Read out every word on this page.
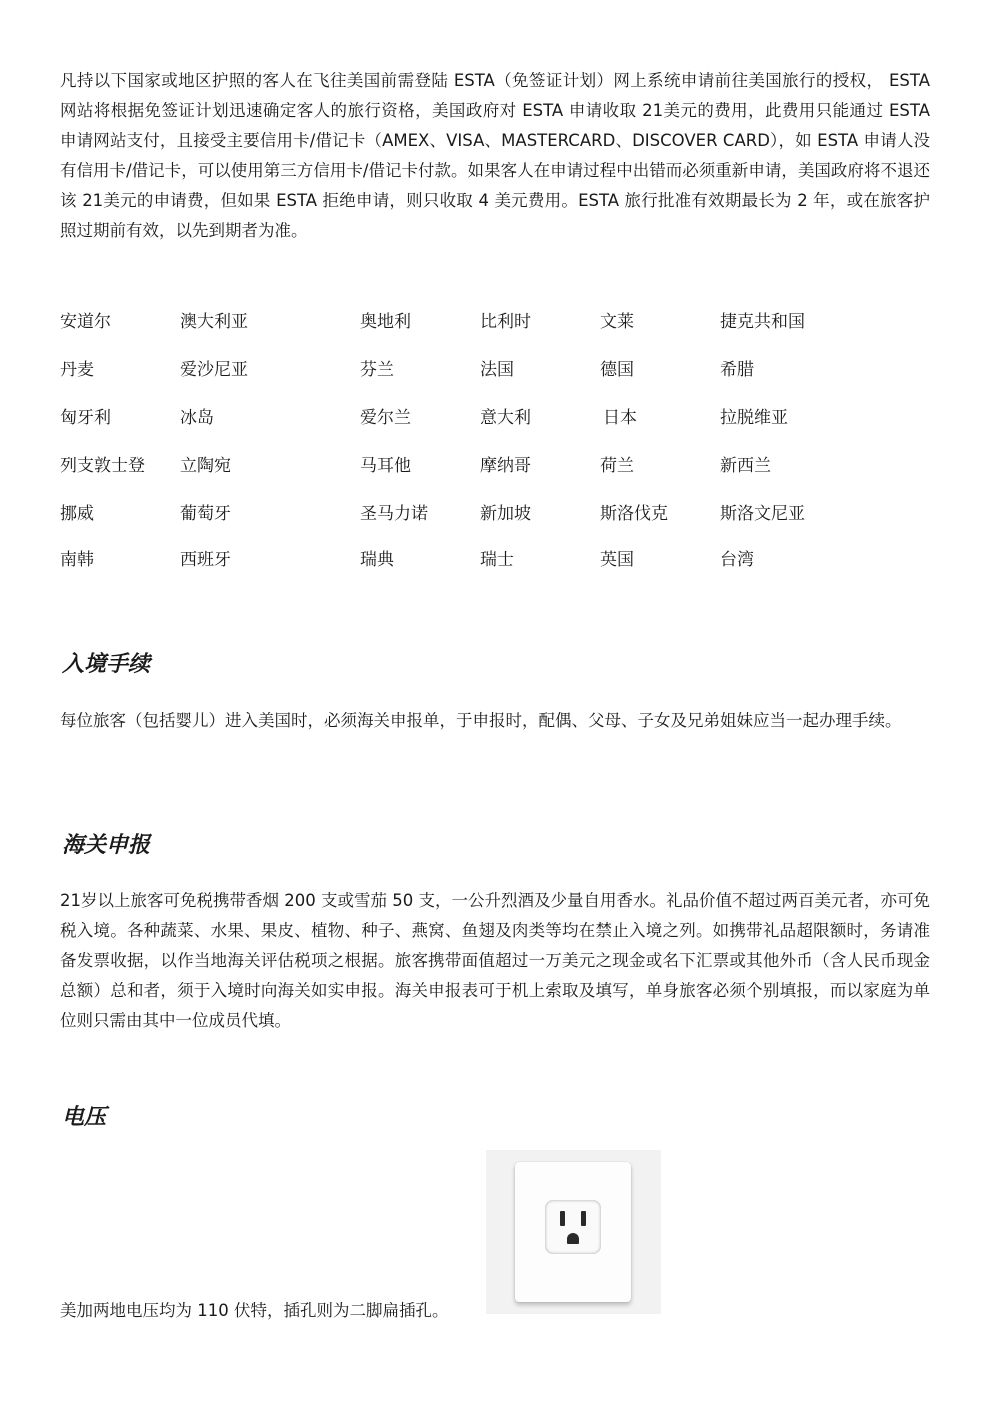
凡持以下国家或地区护照的客人在飞往美国前需登陆 ESTA（免签证计划）网上系统申请前往美国旅行的授权， ESTA 网站将根据免签证计划迅速确定客人的旅行资格，美国政府对 ESTA 申请收取 21美元的费用，此费用只能通过 ESTA 申请网站支付，且接受主要信用卡/借记卡（AMEX、VISA、MASTERCARD、DISCOVER CARD），如 ESTA 申请人没有信用卡/借记卡，可以使用第三方信用卡/借记卡付款。如果客人在申请过程中出错而必须重新申请，美国政府将不退还该 21美元的申请费，但如果 ESTA 拒绝申请，则只收取 4 美元费用。ESTA 旅行批准有效期最长为 2 年，或在旅客护照过期前有效，以先到期者为准。

安道尔	澳大利亚	奥地利	比利时	文莱	捷克共和国
丹麦	爱沙尼亚	芬兰	法国	德国	希腊
匈牙利	冰岛	爱尔兰	意大利	日本	拉脱维亚
列支敦士登 立陶宛	马耳他	摩纳哥	荷兰	新西兰
挪威	葡萄牙	圣马力诺	新加坡	斯洛伐克	斯洛文尼亚
南韩	西班牙	瑞典	瑞士	英国	台湾
入境手续

每位旅客（包括婴儿）进入美国时，必须海关申报单，于申报时，配偶、父母、子女及兄弟姐妹应当一起办理手续。

海关申报

21岁以上旅客可免税携带香烟 200 支或雪茄 50 支，一公升烈酒及少量自用香水。礼品价值不超过两百美元者，亦可免税入境。各种蔬菜、水果、果皮、植物、种子、燕窝、鱼翅及肉类等均在禁止入境之列。如携带礼品超限额时，务请准备发票收据，以作当地海关评估税项之根据。旅客携带面值超过一万美元之现金或名下汇票或其他外币（含人民币现金总额）总和者，须于入境时向海关如实申报。海关申报表可于机上索取及填写，单身旅客必须个别填报，而以家庭为单位则只需由其中一位成员代填。

电压

美加两地电压均为 110 伏特，插孔则为二脚扁插孔。
